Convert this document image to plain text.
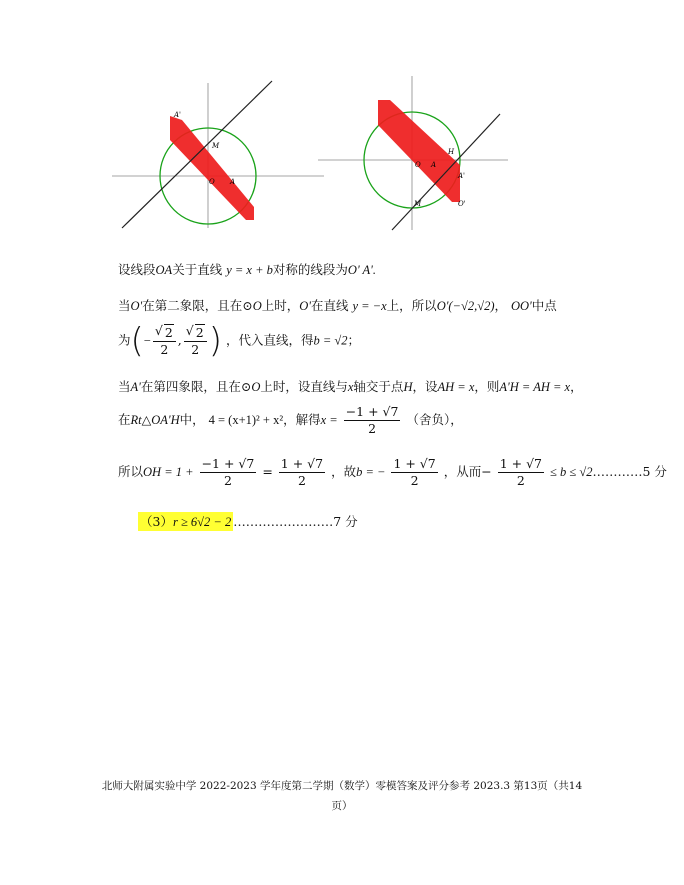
A'
M
O A
H
O A
A'
M	O'
设线段OA关于直线 y = x + b对称的线段为O' A'.
当O'在第二象限，且在⊙O上时，O'在直线 y = −x上，所以O'(−√2,√2)， OO'中点
为(− √ $\frac{2}{2}$ , √ $\frac{2}{2}$ ) ，代入直线，得b = √2；
当A'在第四象限，且在⊙O上时，设直线与x轴交于点H，设AH = x，则A'H = AH = x，
在Rt△OA'H中， 4 = (x+1)² + x²，解得$x = \frac{-1 + √7}{2}$ （舍负），
所以OH = $1 + \frac{-1 + √7}{2} = \frac{1 + √7}{2}$ ，故b = − $\frac{1 + √7}{2}$ ，从而− $\frac{1 + √7}{2} \le b$ ≤ √2…………5 分
（3）r ≥ 6√2 − 2 ……………………7 分
北师大附属实验中学 2022-2023 学年度第二学期（数学）零模答案及评分参考 2023.3 第13页（共14
页）
